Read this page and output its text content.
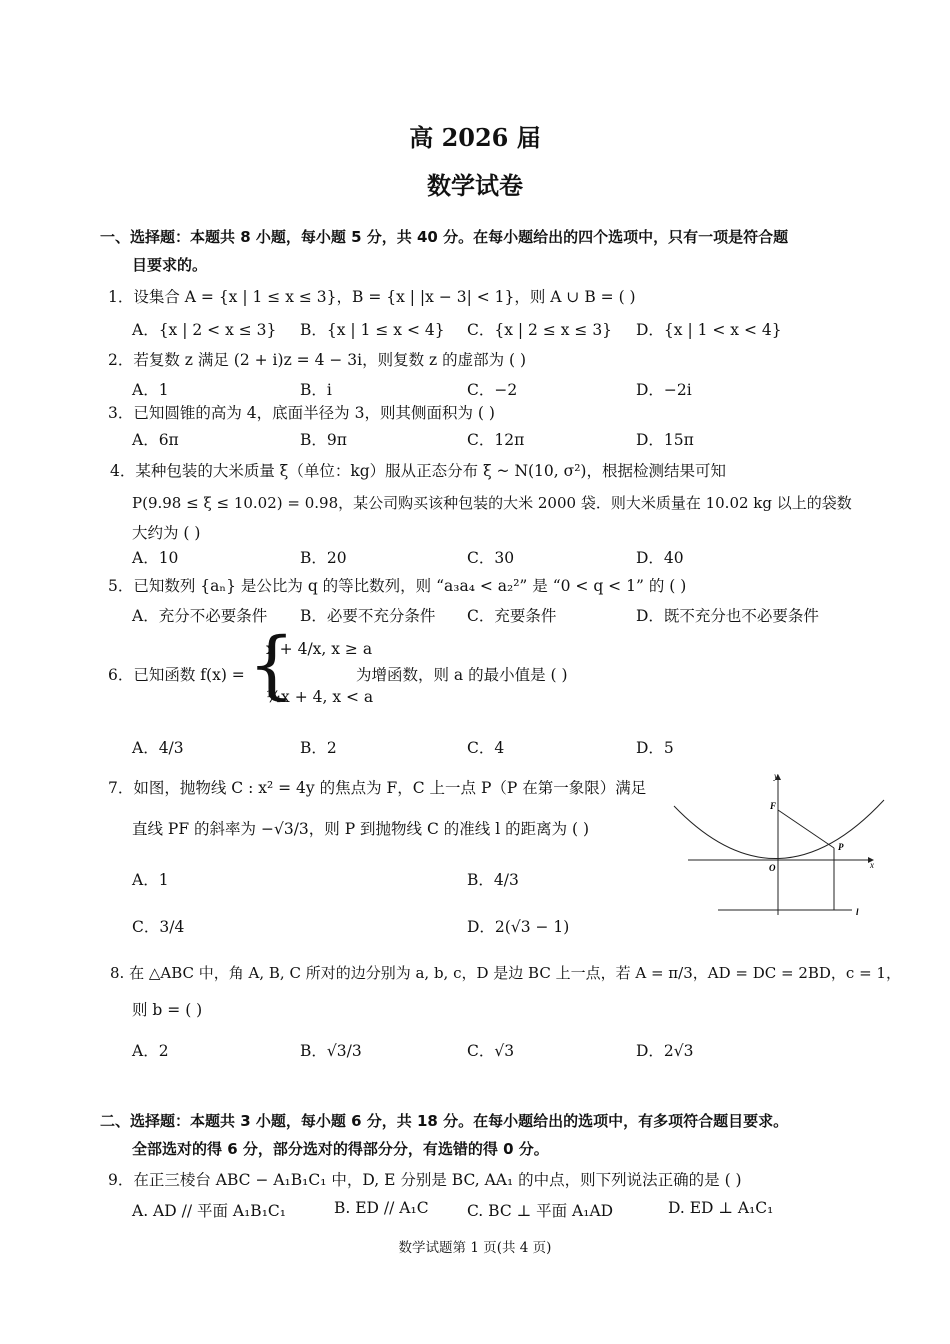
高 2026 届
数学试卷
一、选择题：本题共 8 小题，每小题 5 分，共 40 分。在每小题给出的四个选项中，只有一项是符合题
目要求的。
1．设集合 A = {x | 1 ≤ x ≤ 3}，B = {x | |x − 3| < 1}，则 A ∪ B = ( )
A．{x | 2 < x ≤ 3} B．{x | 1 ≤ x < 4} C．{x | 2 ≤ x ≤ 3} D．{x | 1 < x < 4}
2．若复数 z 满足 (2 + i)z = 4 − 3i，则复数 z 的虚部为 ( )
A．1	B．i	C．−2	D．−2i
3．已知圆锥的高为 4，底面半径为 3，则其侧面积为 ( )
A．6π	B．9π	C．12π	D．15π
4．某种包装的大米质量 ξ（单位：kg）服从正态分布 ξ ~ N(10, σ²)，根据检测结果可知
P(9.98 ≤ ξ ≤ 10.02) = 0.98，某公司购买该种包装的大米 2000 袋．则大米质量在 10.02 kg 以上的袋数
大约为 ( )
A．10	B．20	C．30	D．40
5．已知数列 {aₙ} 是公比为 q 的等比数列，则 “a₃a₄ < a₂²” 是 “0 < q < 1” 的 ( )
A．充分不必要条件 B．必要不充分条件 C．充要条件	D．既不充分也不必要条件
6．已知函数 f(x) = {
x + 4/x, x ≥ a
¼x + 4, x < a
为增函数，则 a 的最小值是 ( )
A．4/3	B．2	C．4	D．5
7．如图，抛物线 C : x² = 4y 的焦点为 F，C 上一点 P（P 在第一象限）满足
直线 PF 的斜率为 −√3/3，则 P 到抛物线 C 的准线 l 的距离为 ( )
A．1	B．4/3
C．3/4	D．2(√3 − 1)
y
x
F
O
P
l
8. 在 △ABC 中，角 A, B, C 所对的边分别为 a, b, c，D 是边 BC 上一点，若 A = π/3，AD = DC = 2BD，c = 1，
则 b = ( )
A．2	B．√3/3	C．√3	D．2√3
二、选择题：本题共 3 小题，每小题 6 分，共 18 分。在每小题给出的选项中，有多项符合题目要求。
全部选对的得 6 分，部分选对的得部分分，有选错的得 0 分。
9．在正三棱台 ABC − A₁B₁C₁ 中，D, E 分别是 BC, AA₁ 的中点，则下列说法正确的是 ( )
A. AD // 平面 A₁B₁C₁	B. ED // A₁C C. BC ⊥ 平面 A₁AD	D. ED ⊥ A₁C₁
数学试题第 1 页(共 4 页)
